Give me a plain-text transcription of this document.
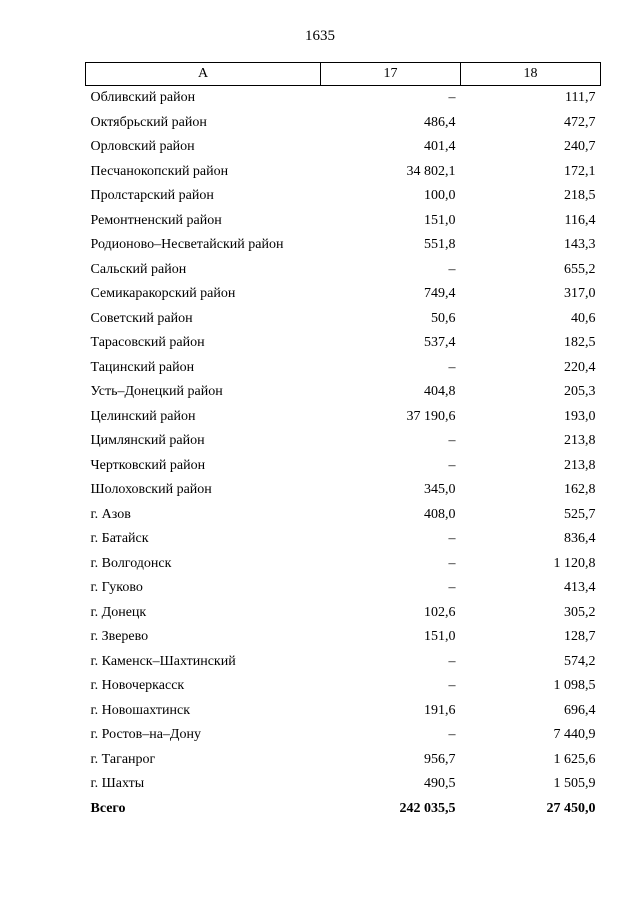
1635
А	17	18
Обливский район	–	111,7
Октябрьский район	486,4	472,7
Орловский район	401,4	240,7
Песчанокопский район	34 802,1	172,1
Пролстарский район	100,0	218,5
Ремонтненский район	151,0	116,4
Родионово–Несветайский район	551,8	143,3
Сальский район	–	655,2
Семикаракорский район	749,4	317,0
Советский район	50,6	40,6
Тарасовский район	537,4	182,5
Тацинский район	–	220,4
Усть–Донецкий район	404,8	205,3
Целинский район	37 190,6	193,0
Цимлянский район	–	213,8
Чертковский район	–	213,8
Шолоховский район	345,0	162,8
г. Азов	408,0	525,7
г. Батайск	–	836,4
г. Волгодонск	–	1 120,8
г. Гуково	–	413,4
г. Донецк	102,6	305,2
г. Зверево	151,0	128,7
г. Каменск–Шахтинский	–	574,2
г. Новочеркасск	–	1 098,5
г. Новошахтинск	191,6	696,4
г. Ростов–на–Дону	–	7 440,9
г. Таганрог	956,7	1 625,6
г. Шахты	490,5	1 505,9
Всего	242 035,5	27 450,0
